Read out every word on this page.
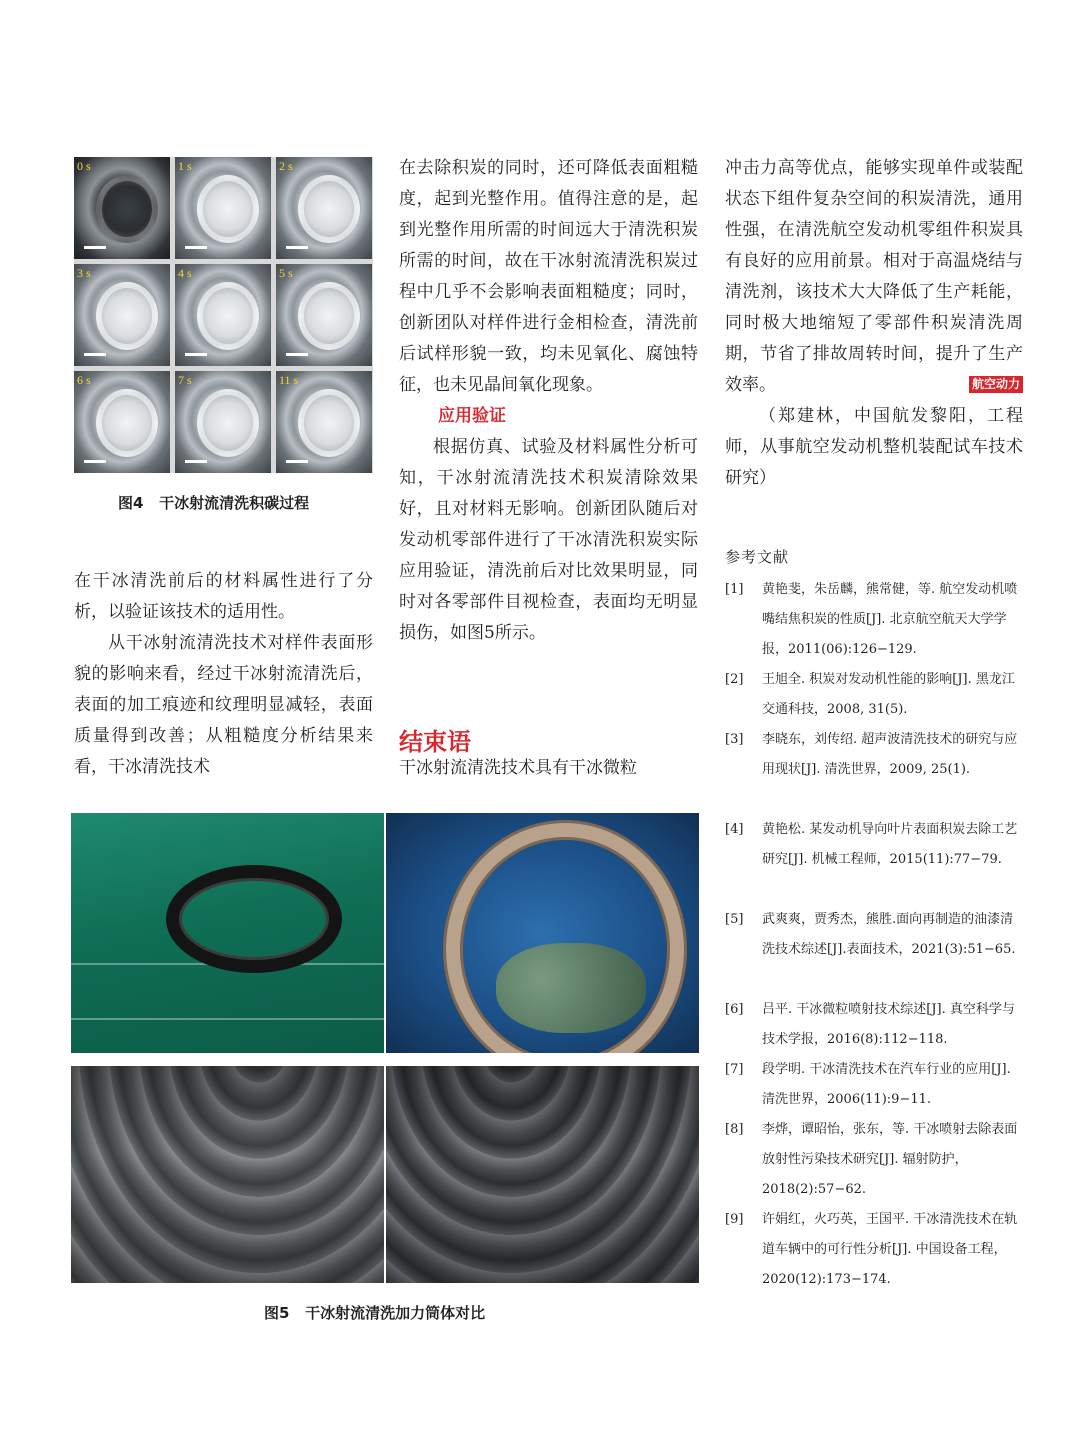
0 s	1 s	2 s
3 s	4 s	5 s
6 s	7 s	11 s
图4   干冰射流清洗积碳过程

在干冰清洗前后的材料属性进行了分析，以验证该技术的适用性。

从干冰射流清洗技术对样件表面形貌的影响来看，经过干冰射流清洗后，表面的加工痕迹和纹理明显减轻，表面质量得到改善；从粗糙度分析结果来看，干冰清洗技术

在去除积炭的同时，还可降低表面粗糙度，起到光整作用。值得注意的是，起到光整作用所需的时间远大于清洗积炭所需的时间，故在干冰射流清洗积炭过程中几乎不会影响表面粗糙度；同时，创新团队对样件进行金相检查，清洗前后试样形貌一致，均未见氧化、腐蚀特征，也未见晶间氧化现象。

应用验证

根据仿真、试验及材料属性分析可知，干冰射流清洗技术积炭清除效果好，且对材料无影响。创新团队随后对发动机零部件进行了干冰清洗积炭实际应用验证，清洗前后对比效果明显，同时对各零部件目视检查，表面均无明显损伤，如图5所示。

结束语
干冰射流清洗技术具有干冰微粒

冲击力高等优点，能够实现单件或装配状态下组件复杂空间的积炭清洗，通用性强，在清洗航空发动机零组件积炭具有良好的应用前景。相对于高温烧结与清洗剂，该技术大大降低了生产耗能，同时极大地缩短了零部件积炭清洗周期，节省了排故周转时间，提升了生产效率。	航空动力

（郑建林，中国航发黎阳，工程师，从事航空发动机整机装配试车技术研究）

参考文献
[1]	黄艳斐，朱岳麟，熊常健，等. 航空发动机喷嘴结焦积炭的性质[J]. 北京航空航天大学学报，2011(06):126−129.
[2]	王旭全. 积炭对发动机性能的影响[J]. 黑龙江交通科技，2008, 31(5).
[3]	李晓东，刘传绍. 超声波清洗技术的研究与应用现状[J]. 清洗世界，2009, 25(1).
[4]	黄艳松. 某发动机导向叶片表面积炭去除工艺研究[J]. 机械工程师，2015(11):77−79.
[5]	武爽爽，贾秀杰，熊胜.面向再制造的油漆清洗技术综述[J].表面技术，2021(3):51−65.
[6]	吕平. 干冰微粒喷射技术综述[J]. 真空科学与技术学报，2016(8):112−118.
[7]	段学明. 干冰清洗技术在汽车行业的应用[J]. 清洗世界，2006(11):9−11.
[8]	李烨，谭昭怡，张东，等. 干冰喷射去除表面放射性污染技术研究[J]. 辐射防护，2018(2):57−62.
[9]	许娟红，火巧英，王国平. 干冰清洗技术在轨道车辆中的可行性分析[J]. 中国设备工程，2020(12):173−174.
图5   干冰射流清洗加力筒体对比
